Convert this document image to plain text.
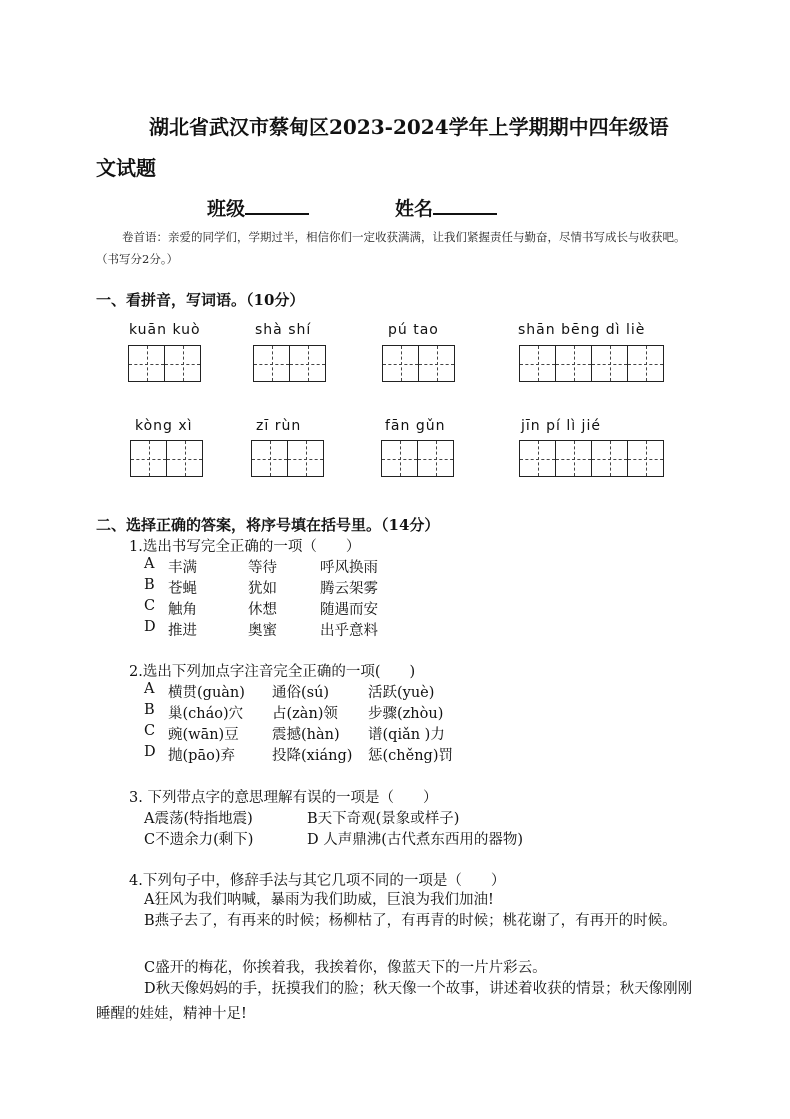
湖北省武汉市蔡甸区2023-2024学年上学期期中四年级语
文试题
班级	姓名
卷首语：亲爱的同学们，学期过半，相信你们一定收获满满，让我们紧握责任与勤奋，尽情书写成长与收获吧。（书写分2分。）
一、看拼音，写词语。（10分）
kuān kuò	shà shí	pú tao	shān bēng dì liè
kòng xì	zī rùn	fān gǔn	jīn pí lì jié
二、选择正确的答案，将序号填在括号里。（14分）
1.选出书写完全正确的一项（　　）
A 丰满	等待	呼风换雨
B 苍蝇	犹如	腾云架雾
C 触角	休想	随遇而安
D 推进	奥蜜	出乎意料
2.选出下列加点字注音完全正确的一项(　　)
A 横贯(guàn) 通俗(sú)	活跃(yuè)
B 巢(cháo)穴 占(zàn)领 步骤(zhòu)
C 豌(wān)豆 震撼(hàn) 谱(qiǎn )力
D 抛(pāo)弃	投降(xiáng) 惩(chěng)罚
3. 下列带点字的意思理解有误的一项是（　　）
A震荡(特指地震)	B天下奇观(景象或样子)
C不遗余力(剩下)	D 人声鼎沸(古代煮东西用的器物)
4.下列句子中，修辞手法与其它几项不同的一项是（　　）
A狂风为我们呐喊，暴雨为我们助威，巨浪为我们加油!
B燕子去了，有再来的时候；杨柳枯了，有再青的时候；桃花谢了，有再开的时候。
C盛开的梅花，你挨着我，我挨着你，像蓝天下的一片片彩云。
D秋天像妈妈的手，抚摸我们的脸；秋天像一个故事，讲述着收获的情景；秋天像刚刚睡醒的娃娃，精神十足!
